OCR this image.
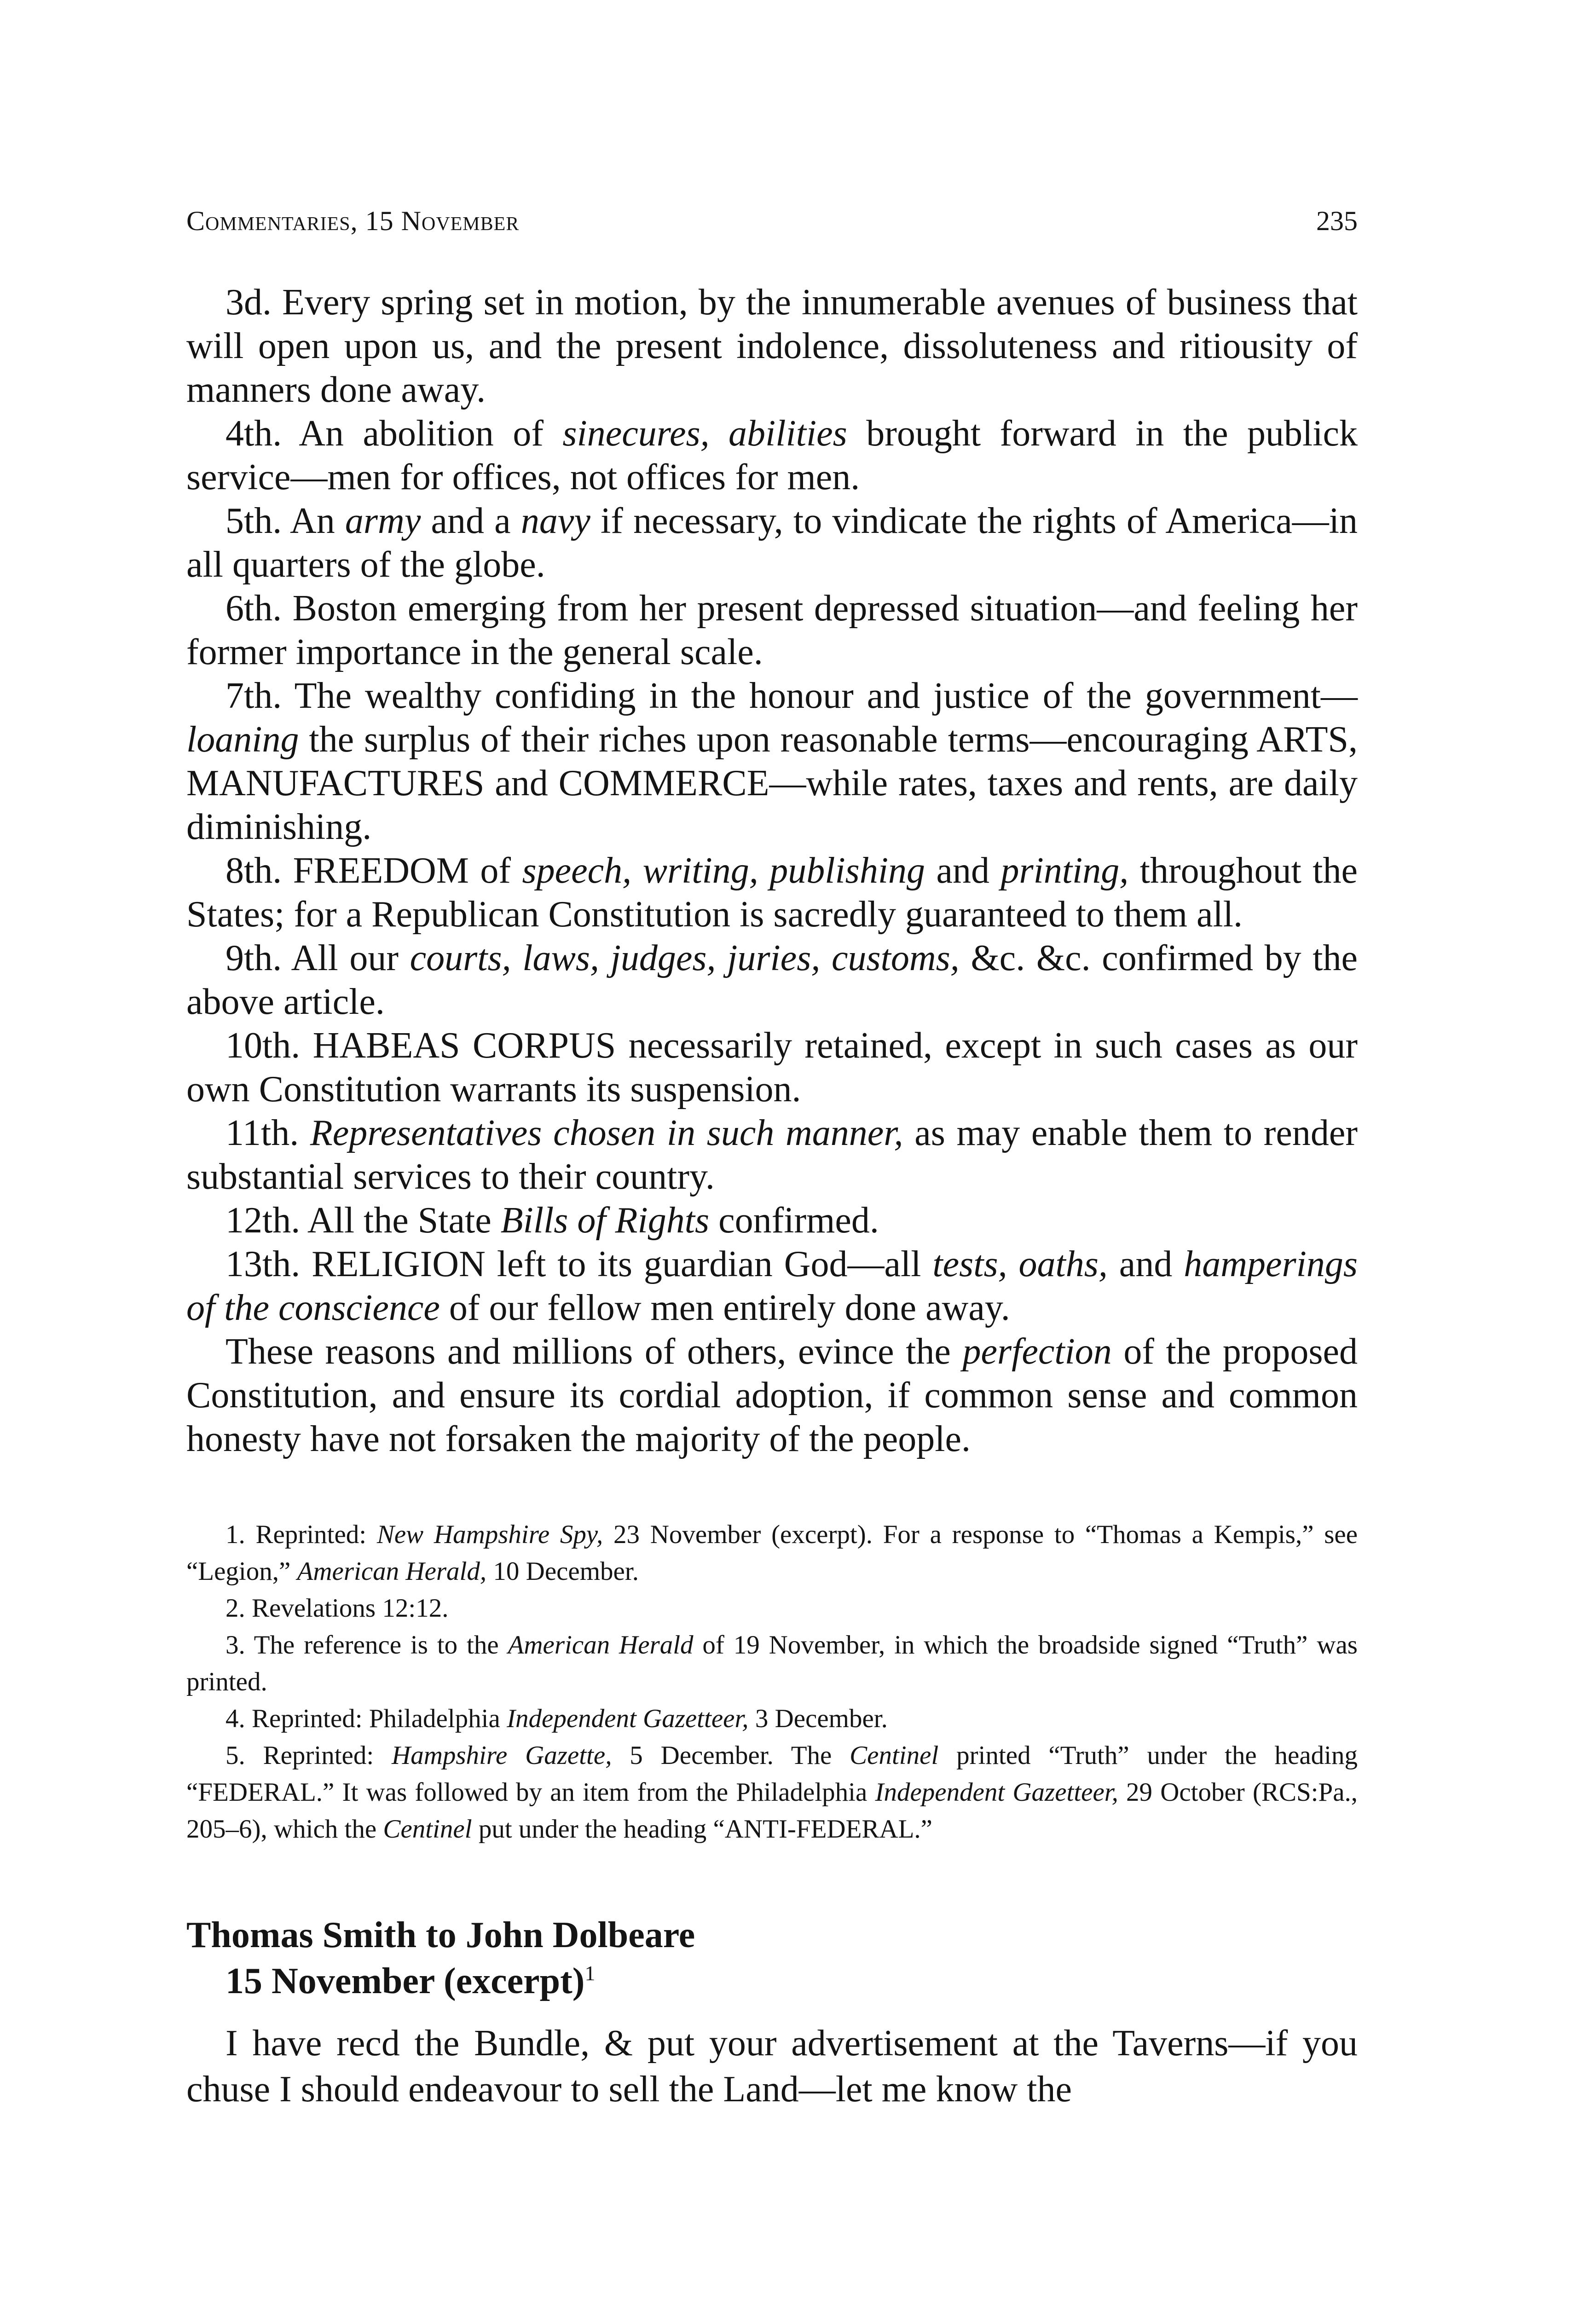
Commentaries, 15 November	235

3d. Every spring set in motion, by the innumerable avenues of business that will open upon us, and the present indolence, dissoluteness and ritiousity of manners done away.

4th. An abolition of sinecures, abilities brought forward in the publick service—men for offices, not offices for men.

5th. An army and a navy if necessary, to vindicate the rights of America—in all quarters of the globe.

6th. Boston emerging from her present depressed situation—and feeling her former importance in the general scale.

7th. The wealthy confiding in the honour and justice of the government—loaning the surplus of their riches upon reasonable terms—encouraging ARTS, MANUFACTURES and COMMERCE—while rates, taxes and rents, are daily diminishing.

8th. FREEDOM of speech, writing, publishing and printing, throughout the States; for a Republican Constitution is sacredly guaranteed to them all.

9th. All our courts, laws, judges, juries, customs, &c. &c. confirmed by the above article.

10th. HABEAS CORPUS necessarily retained, except in such cases as our own Constitution warrants its suspension.

11th. Representatives chosen in such manner, as may enable them to render substantial services to their country.

12th. All the State Bills of Rights confirmed.

13th. RELIGION left to its guardian God—all tests, oaths, and hamperings of the conscience of our fellow men entirely done away.

These reasons and millions of others, evince the perfection of the proposed Constitution, and ensure its cordial adoption, if common sense and common honesty have not forsaken the majority of the people.

1. Reprinted: New Hampshire Spy, 23 November (excerpt). For a response to “Thomas a Kempis,” see “Legion,” American Herald, 10 December.

2. Revelations 12:12.

3. The reference is to the American Herald of 19 November, in which the broadside signed “Truth” was printed.

4. Reprinted: Philadelphia Independent Gazetteer, 3 December.

5. Reprinted: Hampshire Gazette, 5 December. The Centinel printed “Truth” under the heading “FEDERAL.” It was followed by an item from the Philadelphia Independent Gazetteer, 29 October (RCS:Pa., 205–6), which the Centinel put under the heading “ANTI-FEDERAL.”

Thomas Smith to John Dolbeare
15 November (excerpt)$^1$

I have recd the Bundle, & put your advertisement at the Taverns—if you chuse I should endeavour to sell the Land—let me know the
